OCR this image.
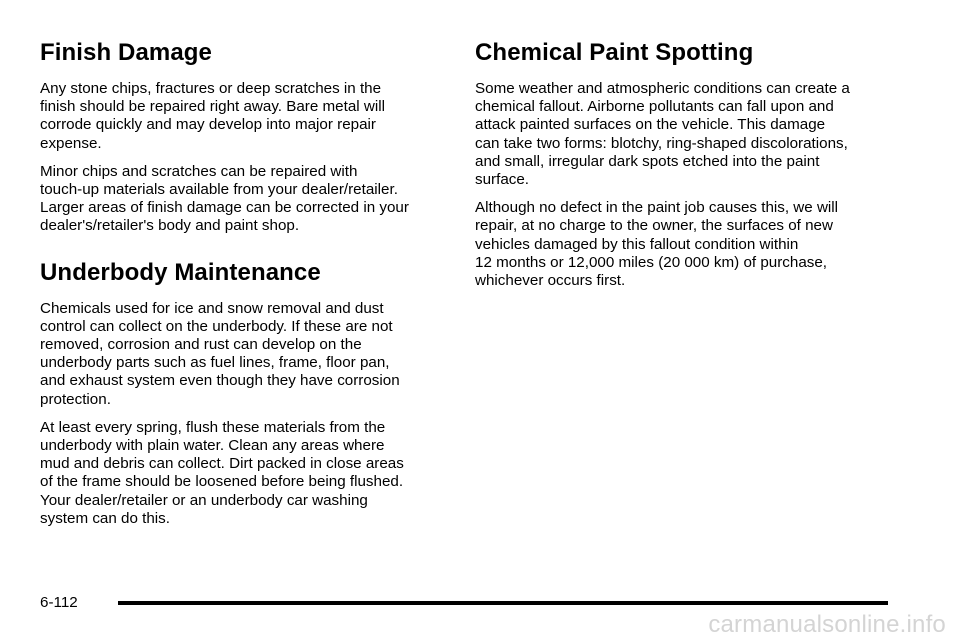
Finish Damage

Any stone chips, fractures or deep scratches in the
finish should be repaired right away. Bare metal will
corrode quickly and may develop into major repair
expense.

Minor chips and scratches can be repaired with
touch-up materials available from your dealer/retailer.
Larger areas of finish damage can be corrected in your
dealer's/retailer's body and paint shop.

Underbody Maintenance

Chemicals used for ice and snow removal and dust
control can collect on the underbody. If these are not
removed, corrosion and rust can develop on the
underbody parts such as fuel lines, frame, floor pan,
and exhaust system even though they have corrosion
protection.

At least every spring, flush these materials from the
underbody with plain water. Clean any areas where
mud and debris can collect. Dirt packed in close areas
of the frame should be loosened before being flushed.
Your dealer/retailer or an underbody car washing
system can do this.

Chemical Paint Spotting

Some weather and atmospheric conditions can create a
chemical fallout. Airborne pollutants can fall upon and
attack painted surfaces on the vehicle. This damage
can take two forms: blotchy, ring-shaped discolorations,
and small, irregular dark spots etched into the paint
surface.

Although no defect in the paint job causes this, we will
repair, at no charge to the owner, the surfaces of new
vehicles damaged by this fallout condition within
12 months or 12,000 miles (20 000 km) of purchase,
whichever occurs first.

6-112
carmanualsonline.info
